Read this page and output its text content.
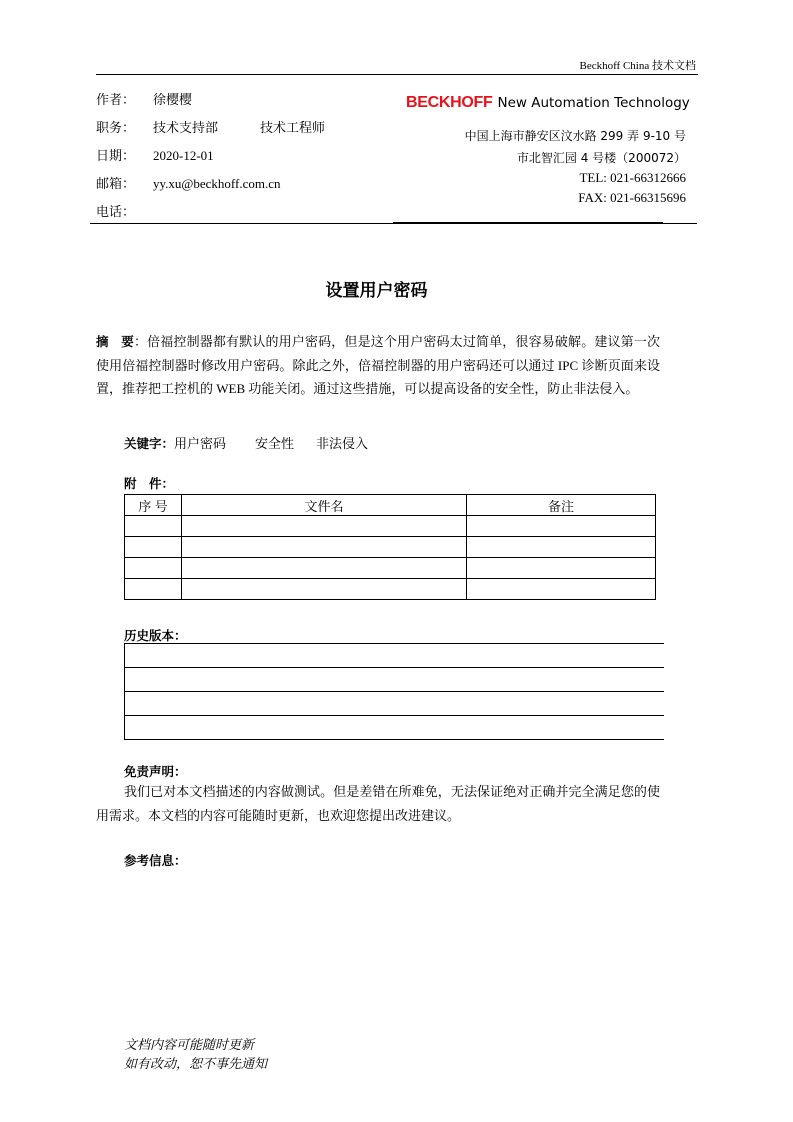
Beckhoff China 技术文档
作者： 徐樱樱
职务： 技术支持部	技术工程师
日期： 2020-12-01
邮箱： yy.xu@beckhoff.com.cn
电话：
BECKHOFF New Automation Technology
中国上海市静安区汶水路 299 弄 9-10 号
市北智汇园 4 号楼（200072）
TEL: 021-66312666
FAX: 021-66315696
设置用户密码
摘　要：倍福控制器都有默认的用户密码，但是这个用户密码太过简单，很容易破解。建议第一次使用倍福控制器时修改用户密码。除此之外，倍福控制器的用户密码还可以通过 IPC 诊断页面来设置，推荐把工控机的 WEB 功能关闭。通过这些措施，可以提高设备的安全性，防止非法侵入。
关键字：用户密码 安全性 非法侵入
附　件：
序 号	文件名	备注

历史版本：
免责声明：
我们已对本文档描述的内容做测试。但是差错在所难免，无法保证绝对正确并完全满足您的使用需求。本文档的内容可能随时更新，也欢迎您提出改进建议。
参考信息：
文档内容可能随时更新
如有改动，恕不事先通知
